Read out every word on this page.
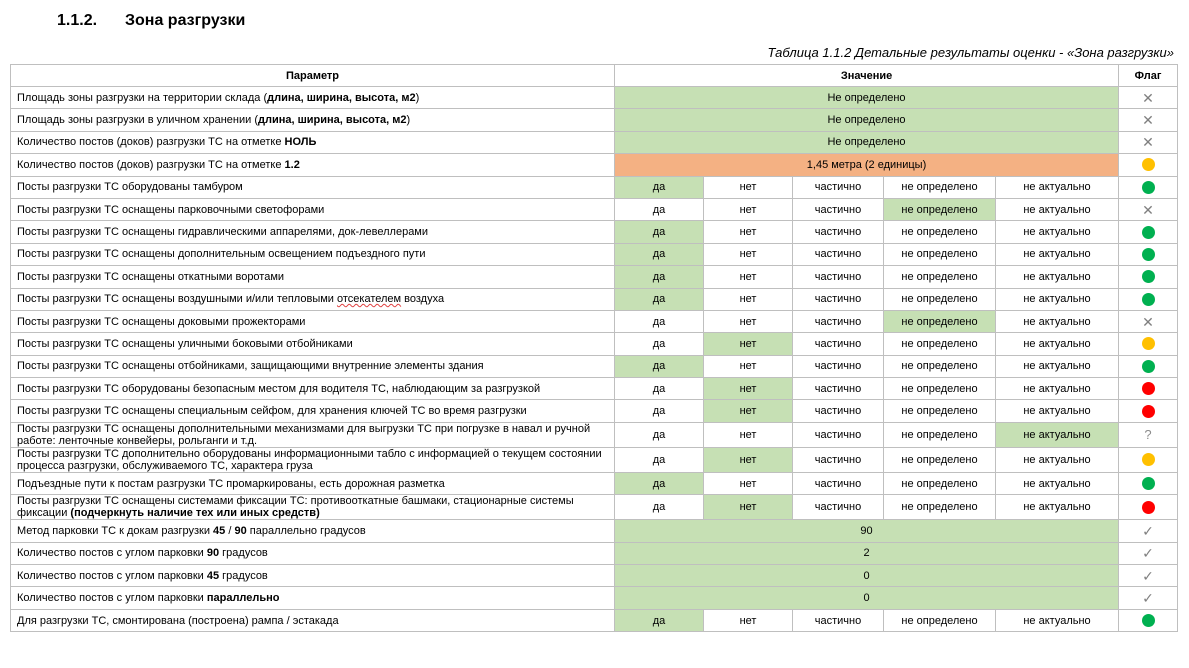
1.1.2. Зона разгрузки
Таблица 1.1.2 Детальные результаты оценки - «Зона разгрузки»
Параметр	Значение					Флаг
Площадь зоны разгрузки на территории склада (длина, ширина, высота, м2)	Не определено					✕
Площадь зоны разгрузки в уличном хранении (длина, ширина, высота, м2)	Не определено					✕
Количество постов (доков) разгрузки ТС на отметке НОЛЬ	Не определено					✕
Количество постов (доков) разгрузки ТС на отметке 1.2	1,45 метра (2 единицы)					
Посты разгрузки ТС оборудованы тамбуром	да	нет	частично	не определено	не актуально	
Посты разгрузки ТС оснащены парковочными светофорами	да	нет	частично	не определено	не актуально	✕
Посты разгрузки ТС оснащены гидравлическими аппарелями, док-левеллерами	да	нет	частично	не определено	не актуально	
Посты разгрузки ТС оснащены дополнительным освещением подъездного пути	да	нет	частично	не определено	не актуально	
Посты разгрузки ТС оснащены откатными воротами	да	нет	частично	не определено	не актуально	
Посты разгрузки ТС оснащены воздушными и/или тепловыми отсекателем воздуха	да	нет	частично	не определено	не актуально	
Посты разгрузки ТС оснащены доковыми прожекторами	да	нет	частично	не определено	не актуально	✕
Посты разгрузки ТС оснащены уличными боковыми отбойниками	да	нет	частично	не определено	не актуально	
Посты разгрузки ТС оснащены отбойниками, защищающими внутренние элементы здания	да	нет	частично	не определено	не актуально	
Посты разгрузки ТС оборудованы безопасным местом для водителя ТС, наблюдающим за разгрузкой	да	нет	частично	не определено	не актуально	
Посты разгрузки ТС оснащены специальным сейфом, для хранения ключей ТС во время разгрузки	да	нет	частично	не определено	не актуально	
Посты разгрузки ТС оснащены дополнительными механизмами для выгрузки ТС при погрузке в навал и ручной работе: ленточные конвейеры, рольганги и т.д.	да	нет	частично	не определено	не актуально	?
Посты разгрузки ТС дополнительно оборудованы информационными табло с информацией о текущем состоянии процесса разгрузки, обслуживаемого ТС, характера груза	да	нет	частично	не определено	не актуально	
Подъездные пути к постам разгрузки ТС промаркированы, есть дорожная разметка	да	нет	частично	не определено	не актуально	
Посты разгрузки ТС оснащены системами фиксации ТС: противооткатные башмаки, стационарные системы фиксации (подчеркнуть наличие тех или иных средств)	да	нет	частично	не определено	не актуально	
Метод парковки ТС к докам разгрузки 45 / 90 параллельно градусов	90					✓
Количество постов с углом парковки 90 градусов	2					✓
Количество постов с углом парковки 45 градусов	0					✓
Количество постов с углом парковки параллельно	0					✓
Для разгрузки ТС, смонтирована (построена) рампа / эстакада	да	нет	частично	не определено	не актуально	
